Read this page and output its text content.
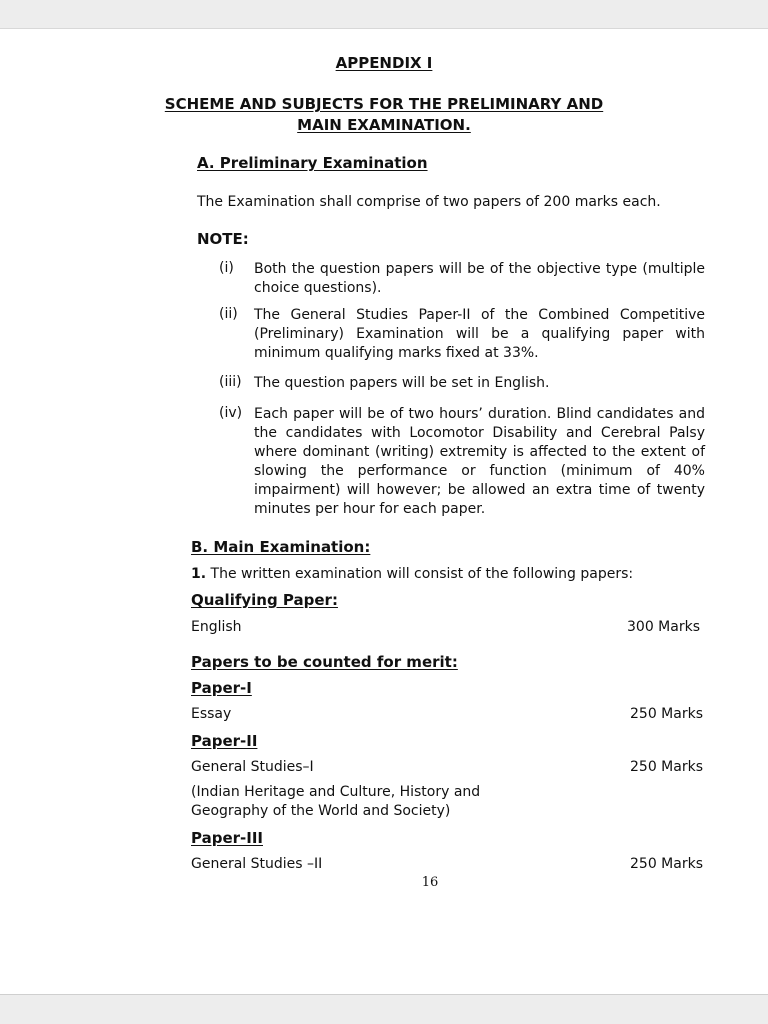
APPENDIX I
SCHEME AND SUBJECTS FOR THE PRELIMINARY AND
MAIN EXAMINATION.
A. Preliminary Examination
The Examination shall comprise of two papers of 200 marks each.
NOTE:
(i) Both the question papers will be of the objective type (multiple choice questions).
(ii) The General Studies Paper-II of the Combined Competitive (Preliminary) Examination will be a qualifying paper with minimum qualifying marks fixed at 33%.
(iii) The question papers will be set in English.
(iv) Each paper will be of two hours’ duration. Blind candidates and the candidates with Locomotor Disability and Cerebral Palsy where dominant (writing) extremity is affected to the extent of slowing the performance or function (minimum of 40% impairment) will however; be allowed an extra time of twenty minutes per hour for each paper.
B. Main Examination:
1. The written examination will consist of the following papers:
Qualifying Paper:
English	300 Marks
Papers to be counted for merit:
Paper-I
Essay	250 Marks
Paper-II
General Studies–I	250 Marks
(Indian Heritage and Culture, History and
Geography of the World and Society)
Paper-III
General Studies –II	250 Marks
16
